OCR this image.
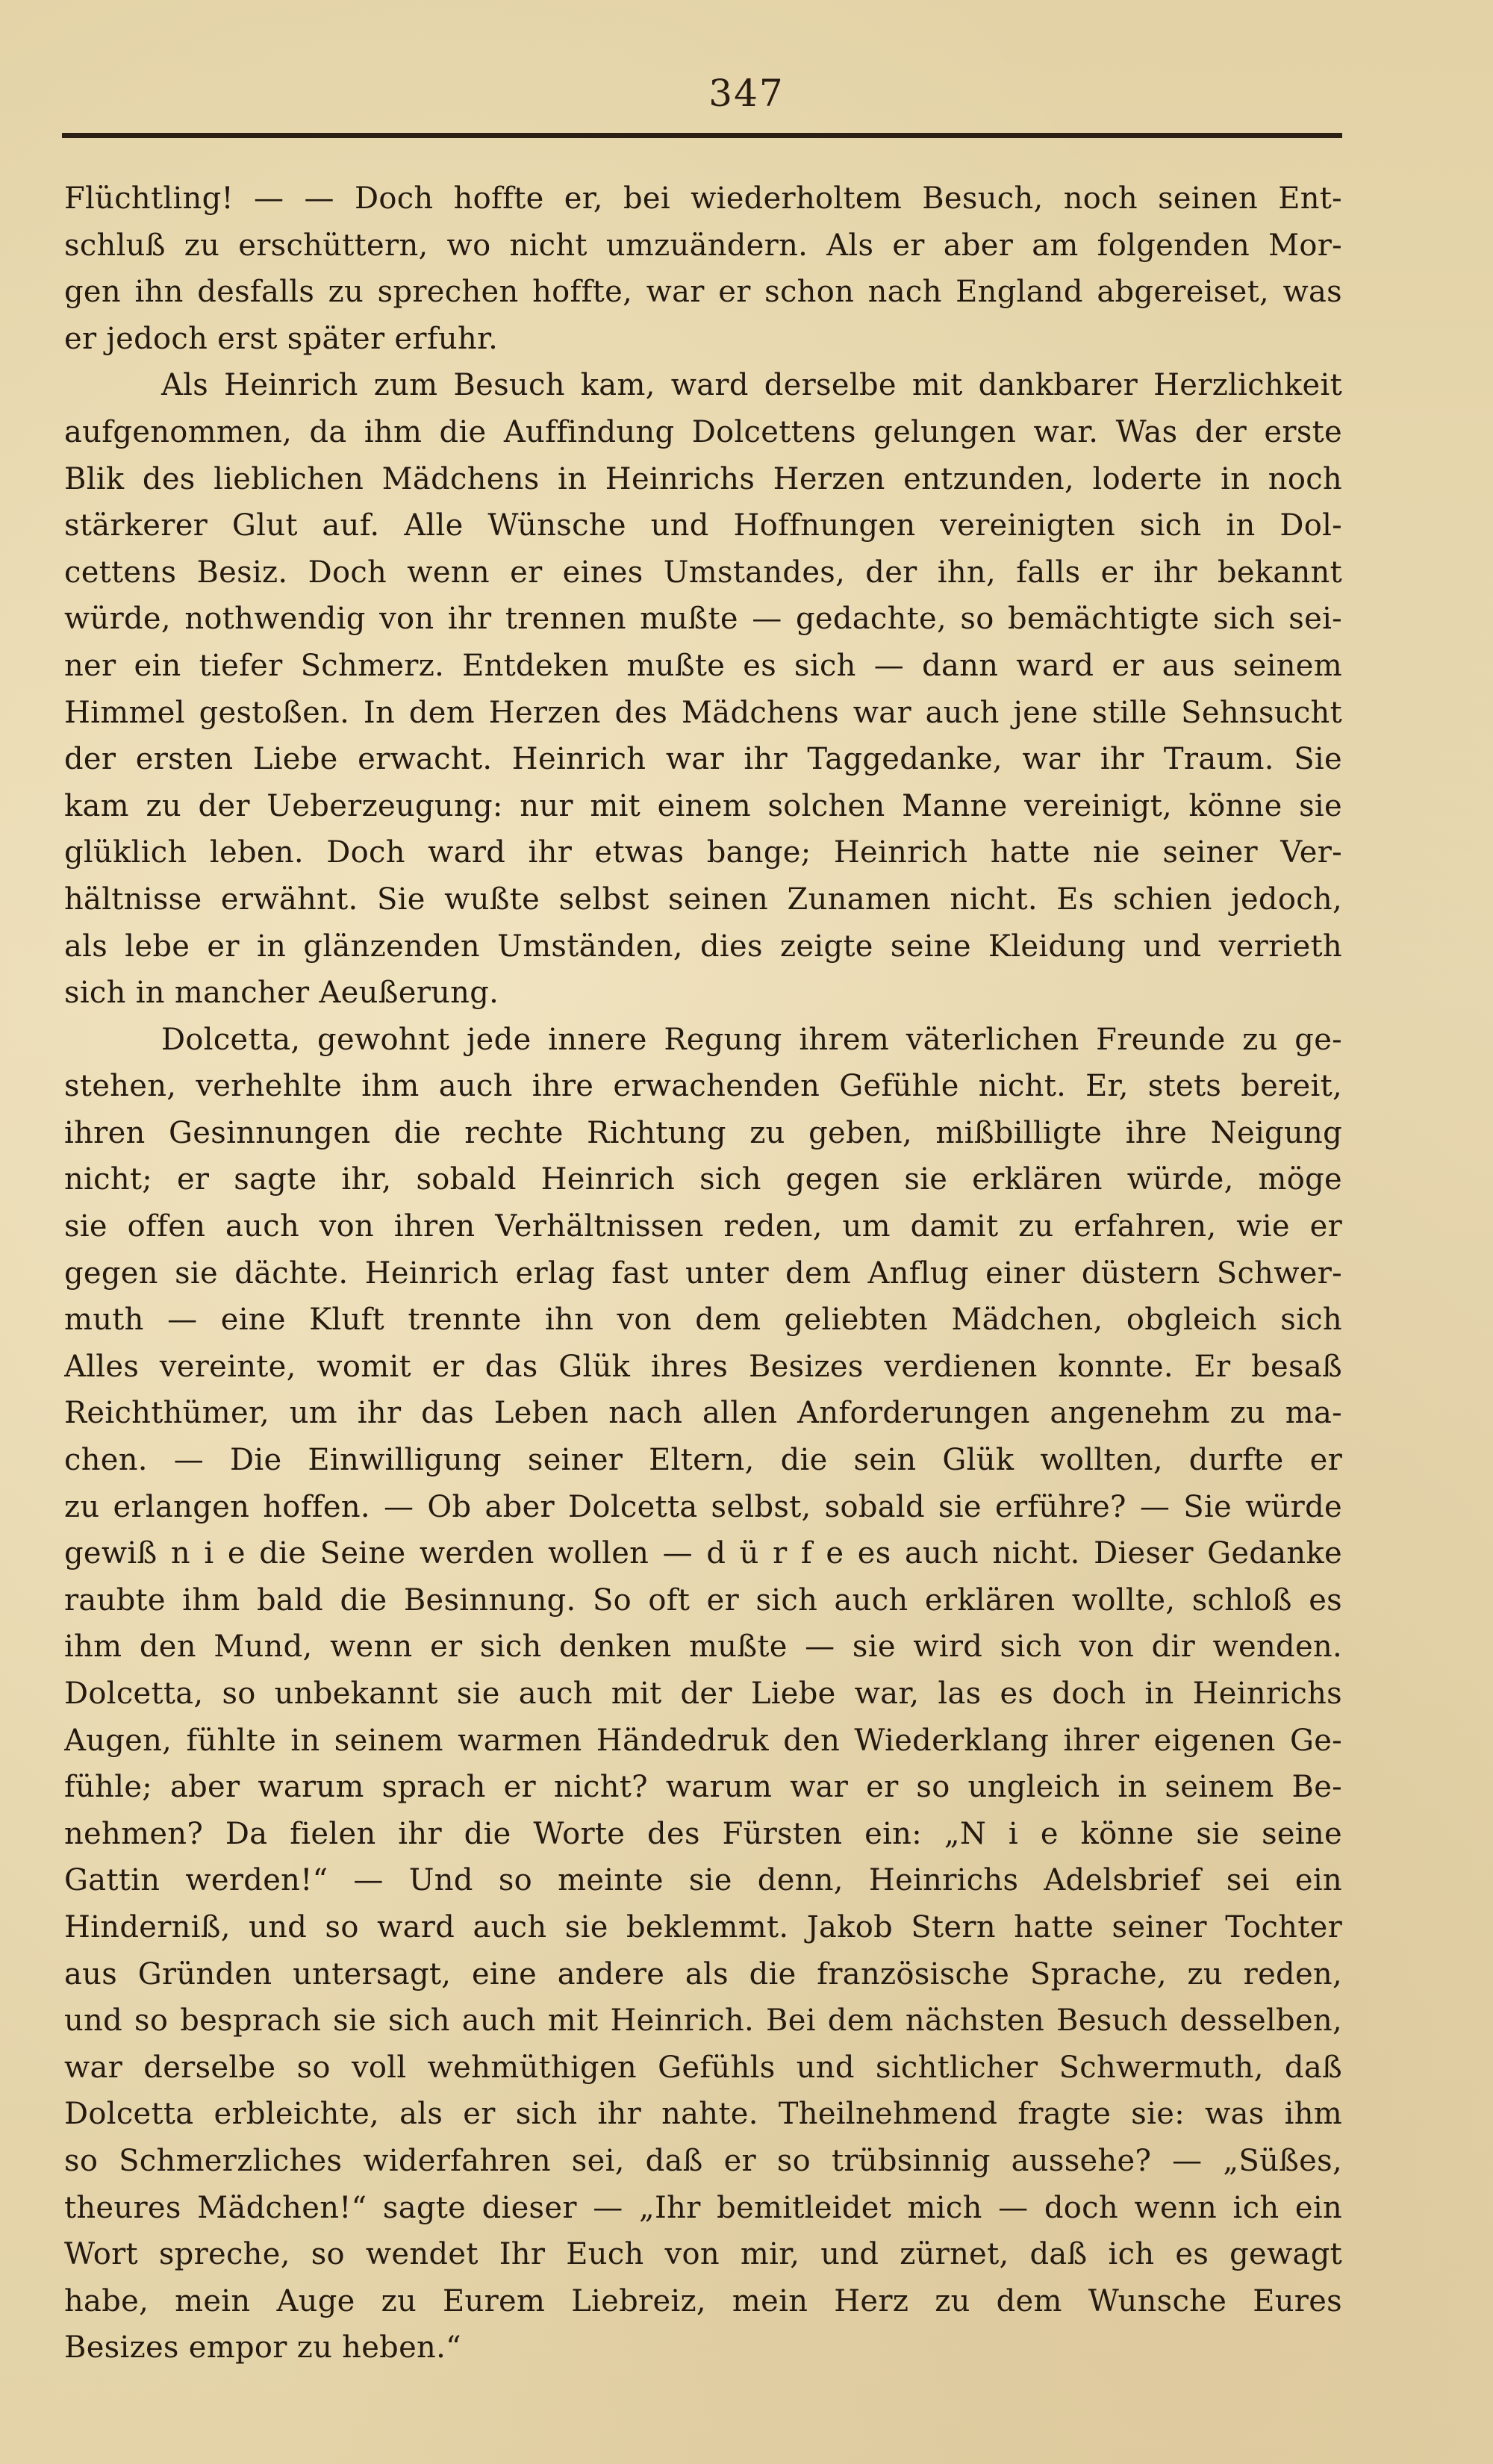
347
Flüchtling! — — Doch hoffte er, bei wiederholtem Besuch, noch seinen Ent-
schluß zu erschüttern, wo nicht umzuändern. Als er aber am folgenden Mor-
gen ihn desfalls zu sprechen hoffte, war er schon nach England abgereiset, was
er jedoch erst später erfuhr.
Als Heinrich zum Besuch kam, ward derselbe mit dankbarer Herzlichkeit
aufgenommen, da ihm die Auffindung Dolcettens gelungen war. Was der erste
Blik des lieblichen Mädchens in Heinrichs Herzen entzunden, loderte in noch
stärkerer Glut auf. Alle Wünsche und Hoffnungen vereinigten sich in Dol-
cettens Besiz. Doch wenn er eines Umstandes, der ihn, falls er ihr bekannt
würde, nothwendig von ihr trennen mußte — gedachte, so bemächtigte sich sei-
ner ein tiefer Schmerz. Entdeken mußte es sich — dann ward er aus seinem
Himmel gestoßen. In dem Herzen des Mädchens war auch jene stille Sehnsucht
der ersten Liebe erwacht. Heinrich war ihr Taggedanke, war ihr Traum. Sie
kam zu der Ueberzeugung: nur mit einem solchen Manne vereinigt, könne sie
glüklich leben. Doch ward ihr etwas bange; Heinrich hatte nie seiner Ver-
hältnisse erwähnt. Sie wußte selbst seinen Zunamen nicht. Es schien jedoch,
als lebe er in glänzenden Umständen, dies zeigte seine Kleidung und verrieth
sich in mancher Aeußerung.
Dolcetta, gewohnt jede innere Regung ihrem väterlichen Freunde zu ge-
stehen, verhehlte ihm auch ihre erwachenden Gefühle nicht. Er, stets bereit,
ihren Gesinnungen die rechte Richtung zu geben, mißbilligte ihre Neigung
nicht; er sagte ihr, sobald Heinrich sich gegen sie erklären würde, möge
sie offen auch von ihren Verhältnissen reden, um damit zu erfahren, wie er
gegen sie dächte. Heinrich erlag fast unter dem Anflug einer düstern Schwer-
muth — eine Kluft trennte ihn von dem geliebten Mädchen, obgleich sich
Alles vereinte, womit er das Glük ihres Besizes verdienen konnte. Er besaß
Reichthümer, um ihr das Leben nach allen Anforderungen angenehm zu ma-
chen. — Die Einwilligung seiner Eltern, die sein Glük wollten, durfte er
zu erlangen hoffen. — Ob aber Dolcetta selbst, sobald sie erführe? — Sie würde
gewiß n i e die Seine werden wollen — d ü r f e es auch nicht. Dieser Gedanke
raubte ihm bald die Besinnung. So oft er sich auch erklären wollte, schloß es
ihm den Mund, wenn er sich denken mußte — sie wird sich von dir wenden.
Dolcetta, so unbekannt sie auch mit der Liebe war, las es doch in Heinrichs
Augen, fühlte in seinem warmen Händedruk den Wiederklang ihrer eigenen Ge-
fühle; aber warum sprach er nicht? warum war er so ungleich in seinem Be-
nehmen? Da fielen ihr die Worte des Fürsten ein: „N i e könne sie seine
Gattin werden!“ — Und so meinte sie denn, Heinrichs Adelsbrief sei ein
Hinderniß, und so ward auch sie beklemmt. Jakob Stern hatte seiner Tochter
aus Gründen untersagt, eine andere als die französische Sprache, zu reden,
und so besprach sie sich auch mit Heinrich. Bei dem nächsten Besuch desselben,
war derselbe so voll wehmüthigen Gefühls und sichtlicher Schwermuth, daß
Dolcetta erbleichte, als er sich ihr nahte. Theilnehmend fragte sie: was ihm
so Schmerzliches widerfahren sei, daß er so trübsinnig aussehe? — „Süßes,
theures Mädchen!“ sagte dieser — „Ihr bemitleidet mich — doch wenn ich ein
Wort spreche, so wendet Ihr Euch von mir, und zürnet, daß ich es gewagt
habe, mein Auge zu Eurem Liebreiz, mein Herz zu dem Wunsche Eures
Besizes empor zu heben.“
